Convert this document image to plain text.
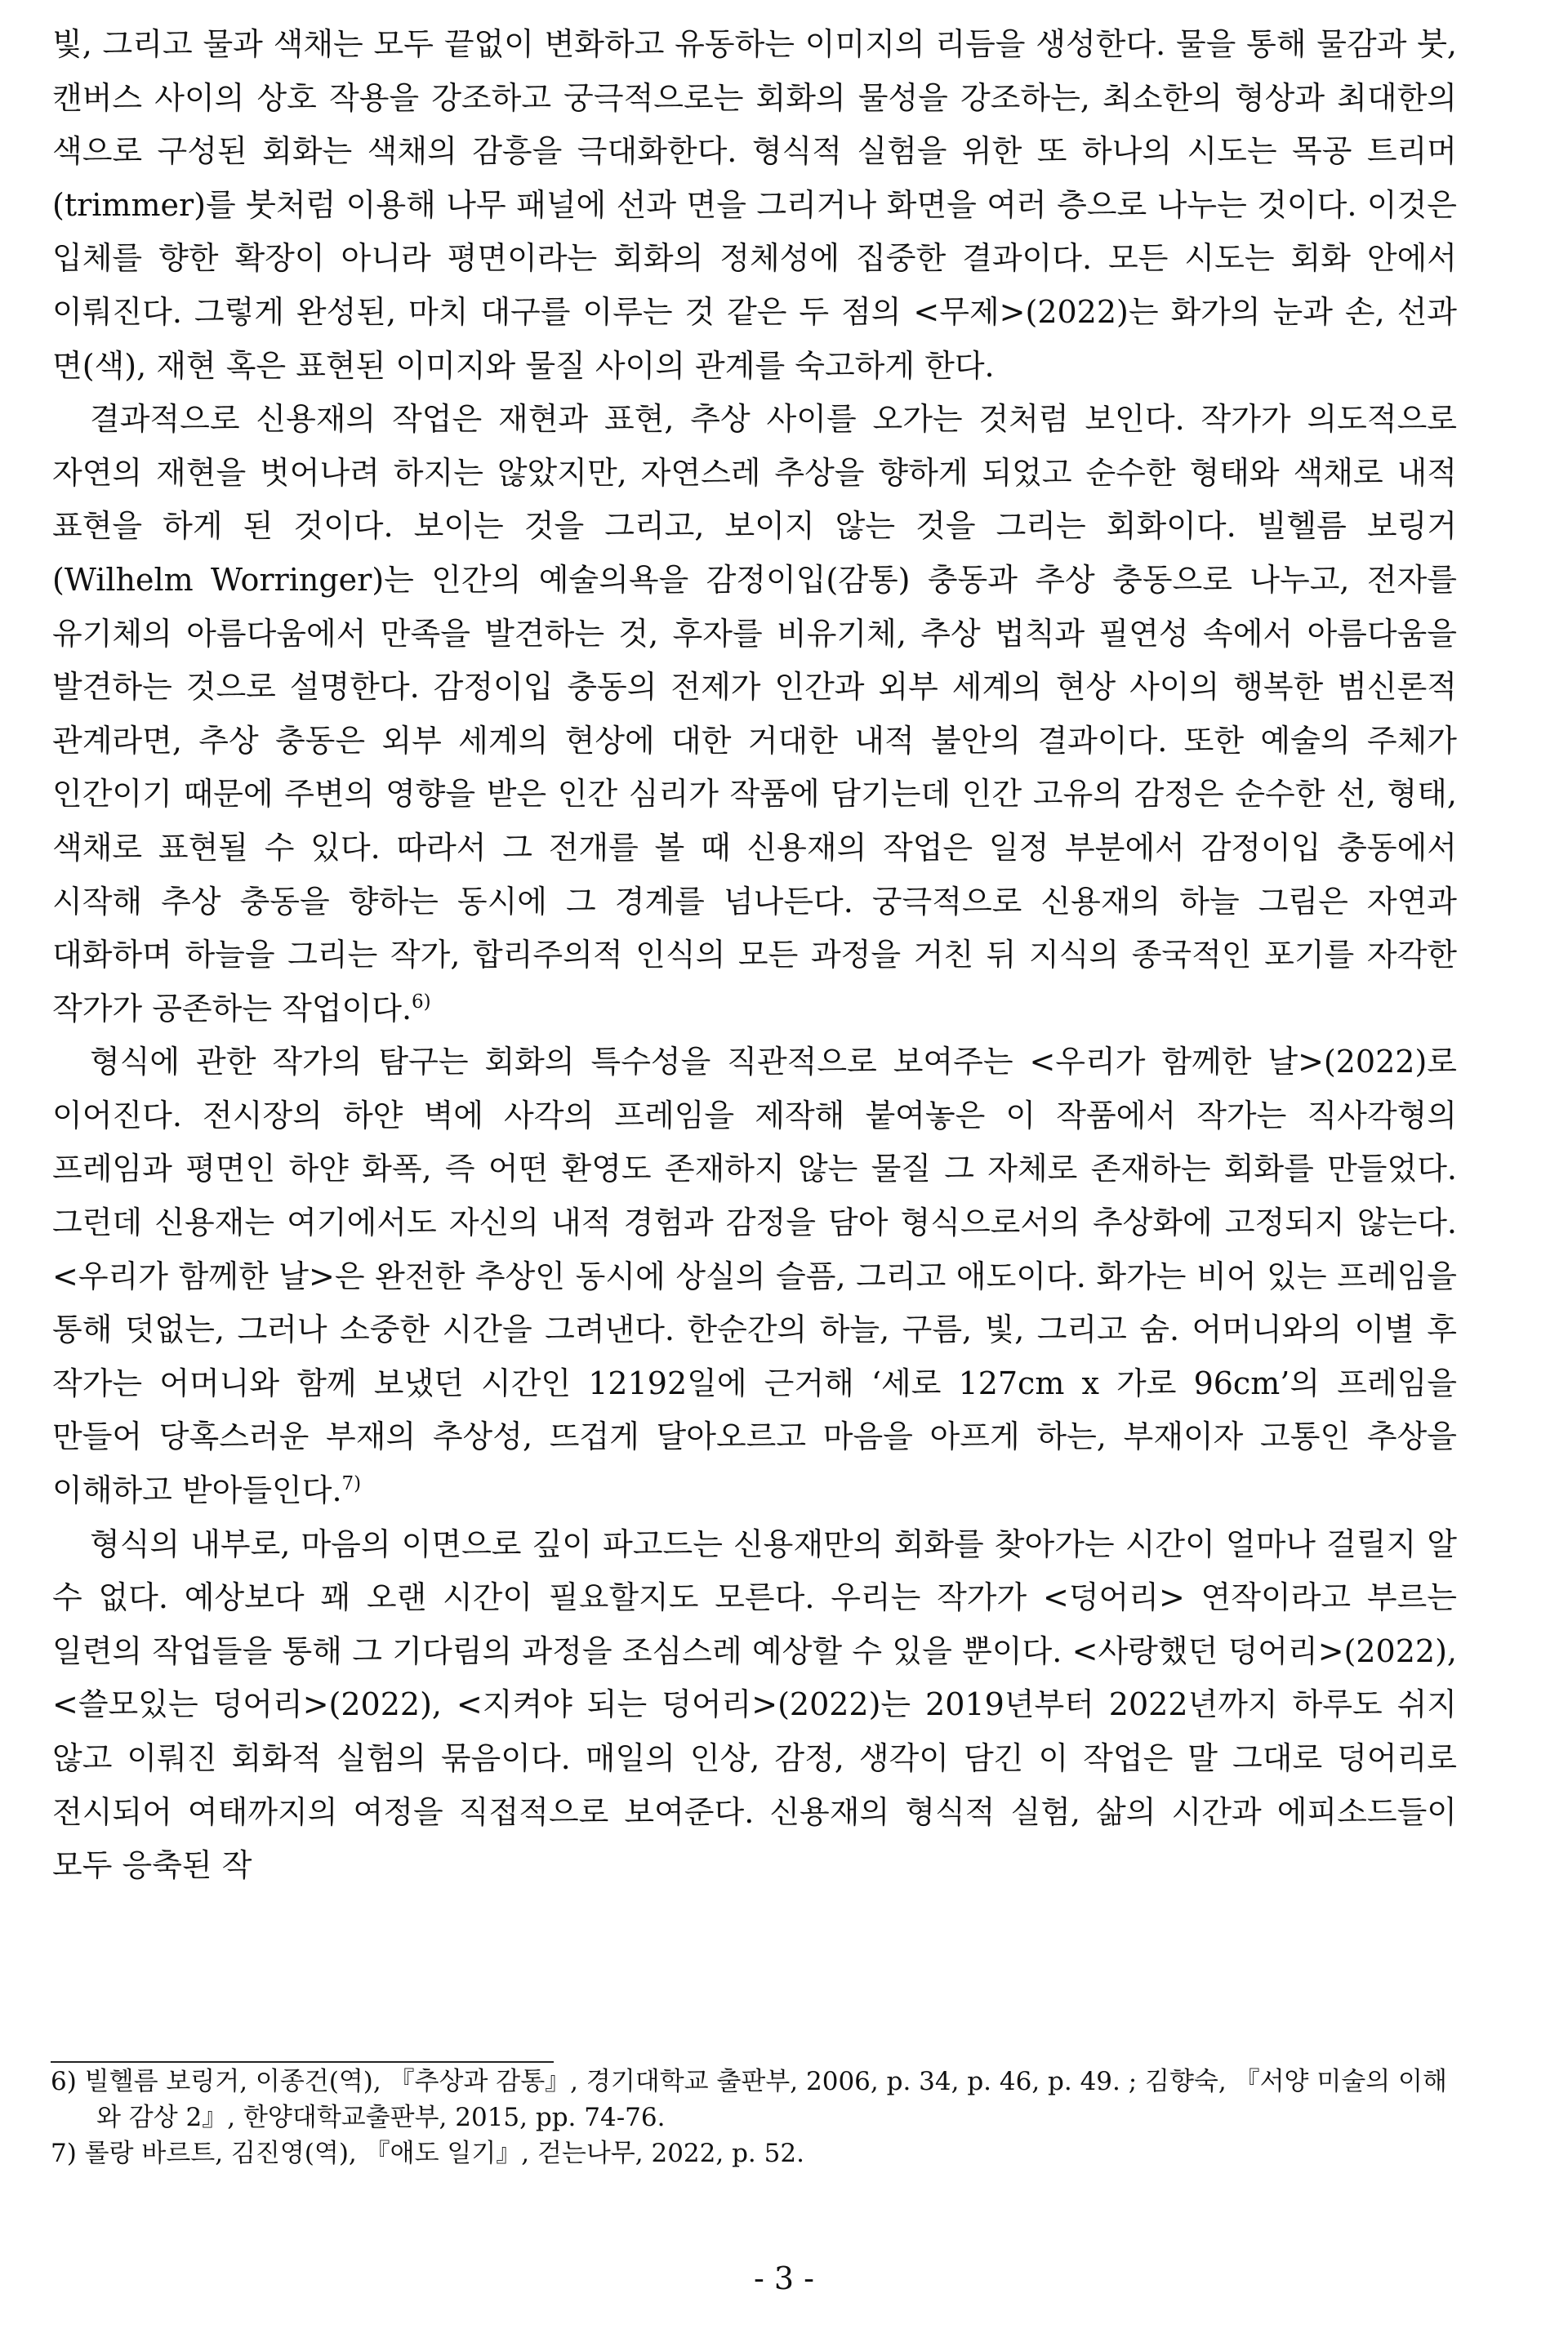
빛, 그리고 물과 색채는 모두 끝없이 변화하고 유동하는 이미지의 리듬을 생성한다. 물을 통해 물감과 붓, 캔버스 사이의 상호 작용을 강조하고 궁극적으로는 회화의 물성을 강조하는, 최소한의 형상과 최대한의 색으로 구성된 회화는 색채의 감흥을 극대화한다. 형식적 실험을 위한 또 하나의 시도는 목공 트리머(trimmer)를 붓처럼 이용해 나무 패널에 선과 면을 그리거나 화면을 여러 층으로 나누는 것이다. 이것은 입체를 향한 확장이 아니라 평면이라는 회화의 정체성에 집중한 결과이다. 모든 시도는 회화 안에서 이뤄진다. 그렇게 완성된, 마치 대구를 이루는 것 같은 두 점의 <무제>(2022)는 화가의 눈과 손, 선과 면(색), 재현 혹은 표현된 이미지와 물질 사이의 관계를 숙고하게 한다.

결과적으로 신용재의 작업은 재현과 표현, 추상 사이를 오가는 것처럼 보인다. 작가가 의도적으로 자연의 재현을 벗어나려 하지는 않았지만, 자연스레 추상을 향하게 되었고 순수한 형태와 색채로 내적 표현을 하게 된 것이다. 보이는 것을 그리고, 보이지 않는 것을 그리는 회화이다. 빌헬름 보링거(Wilhelm Worringer)는 인간의 예술의욕을 감정이입(감통) 충동과 추상 충동으로 나누고, 전자를 유기체의 아름다움에서 만족을 발견하는 것, 후자를 비유기체, 추상 법칙과 필연성 속에서 아름다움을 발견하는 것으로 설명한다. 감정이입 충동의 전제가 인간과 외부 세계의 현상 사이의 행복한 범신론적 관계라면, 추상 충동은 외부 세계의 현상에 대한 거대한 내적 불안의 결과이다. 또한 예술의 주체가 인간이기 때문에 주변의 영향을 받은 인간 심리가 작품에 담기는데 인간 고유의 감정은 순수한 선, 형태, 색채로 표현될 수 있다. 따라서 그 전개를 볼 때 신용재의 작업은 일정 부분에서 감정이입 충동에서 시작해 추상 충동을 향하는 동시에 그 경계를 넘나든다. 궁극적으로 신용재의 하늘 그림은 자연과 대화하며 하늘을 그리는 작가, 합리주의적 인식의 모든 과정을 거친 뒤 지식의 종국적인 포기를 자각한 작가가 공존하는 작업이다.$^{6)}$

형식에 관한 작가의 탐구는 회화의 특수성을 직관적으로 보여주는 <우리가 함께한 날>(2022)로 이어진다. 전시장의 하얀 벽에 사각의 프레임을 제작해 붙여놓은 이 작품에서 작가는 직사각형의 프레임과 평면인 하얀 화폭, 즉 어떤 환영도 존재하지 않는 물질 그 자체로 존재하는 회화를 만들었다. 그런데 신용재는 여기에서도 자신의 내적 경험과 감정을 담아 형식으로서의 추상화에 고정되지 않는다. <우리가 함께한 날>은 완전한 추상인 동시에 상실의 슬픔, 그리고 애도이다. 화가는 비어 있는 프레임을 통해 덧없는, 그러나 소중한 시간을 그려낸다. 한순간의 하늘, 구름, 빛, 그리고 숨. 어머니와의 이별 후 작가는 어머니와 함께 보냈던 시간인 12192일에 근거해 ‘세로 127cm x 가로 96cm’의 프레임을 만들어 당혹스러운 부재의 추상성, 뜨겁게 달아오르고 마음을 아프게 하는, 부재이자 고통인 추상을 이해하고 받아들인다.$^{7)}$

형식의 내부로, 마음의 이면으로 깊이 파고드는 신용재만의 회화를 찾아가는 시간이 얼마나 걸릴지 알 수 없다. 예상보다 꽤 오랜 시간이 필요할지도 모른다. 우리는 작가가 <덩어리> 연작이라고 부르는 일련의 작업들을 통해 그 기다림의 과정을 조심스레 예상할 수 있을 뿐이다. <사랑했던 덩어리>(2022), <쓸모있는 덩어리>(2022), <지켜야 되는 덩어리>(2022)는 2019년부터 2022년까지 하루도 쉬지 않고 이뤄진 회화적 실험의 묶음이다. 매일의 인상, 감정, 생각이 담긴 이 작업은 말 그대로 덩어리로 전시되어 여태까지의 여정을 직접적으로 보여준다. 신용재의 형식적 실험, 삶의 시간과 에피소드들이 모두 응축된 작

6) 빌헬름 보링거, 이종건(역), 『추상과 감통』, 경기대학교 출판부, 2006, p. 34, p. 46, p. 49. ; 김향숙, 『서양 미술의 이해와 감상 2』, 한양대학교출판부, 2015, pp. 74-76.

7) 롤랑 바르트, 김진영(역), 『애도 일기』, 걷는나무, 2022, p. 52.

- 3 -
